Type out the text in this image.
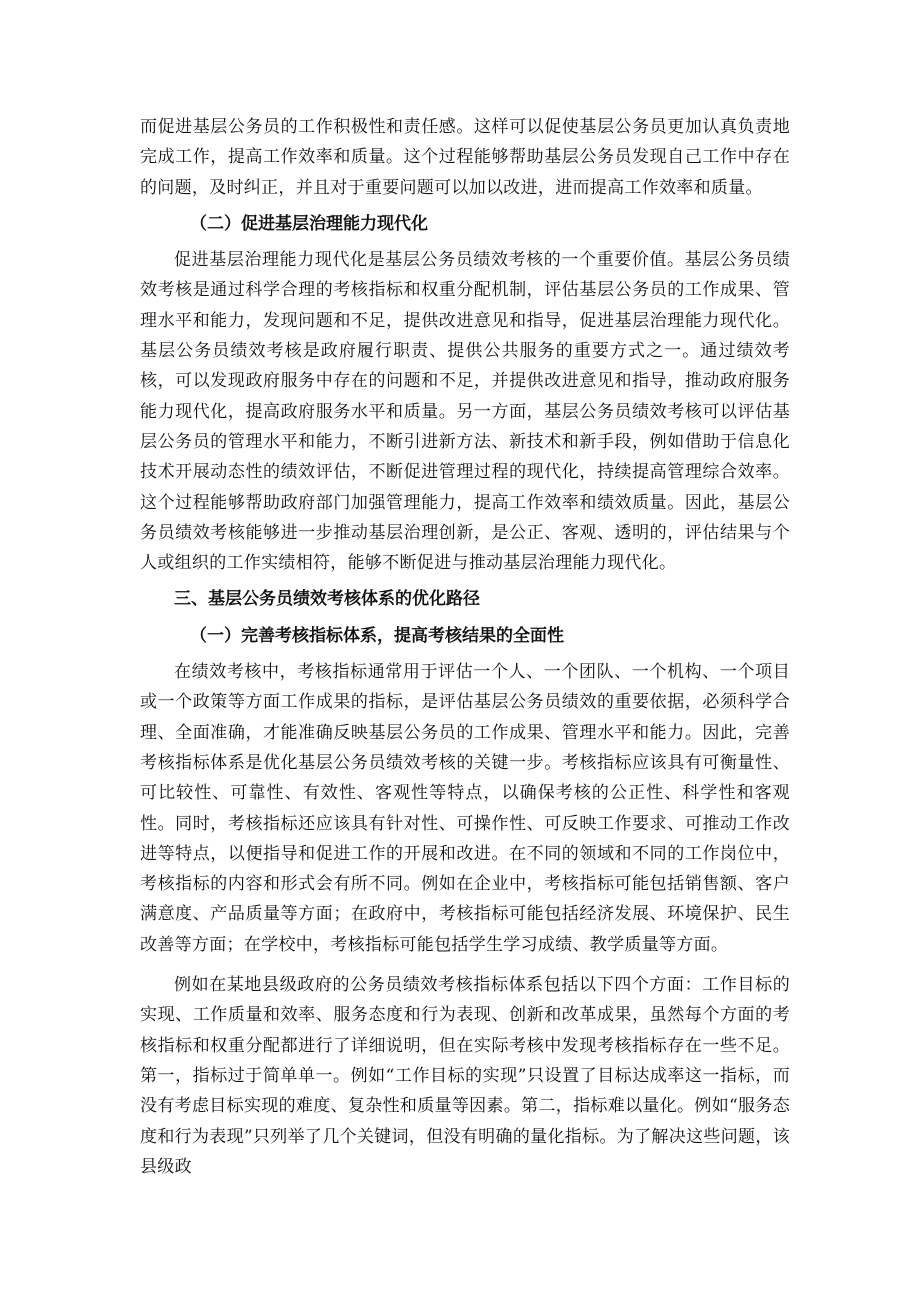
而促进基层公务员的工作积极性和责任感。这样可以促使基层公务员更加认真负责地完成工作，提高工作效率和质量。这个过程能够帮助基层公务员发现自己工作中存在的问题，及时纠正，并且对于重要问题可以加以改进，进而提高工作效率和质量。

（二）促进基层治理能力现代化

促进基层治理能力现代化是基层公务员绩效考核的一个重要价值。基层公务员绩效考核是通过科学合理的考核指标和权重分配机制，评估基层公务员的工作成果、管理水平和能力，发现问题和不足，提供改进意见和指导，促进基层治理能力现代化。基层公务员绩效考核是政府履行职责、提供公共服务的重要方式之一。通过绩效考核，可以发现政府服务中存在的问题和不足，并提供改进意见和指导，推动政府服务能力现代化，提高政府服务水平和质量。另一方面，基层公务员绩效考核可以评估基层公务员的管理水平和能力，不断引进新方法、新技术和新手段，例如借助于信息化技术开展动态性的绩效评估，不断促进管理过程的现代化，持续提高管理综合效率。这个过程能够帮助政府部门加强管理能力，提高工作效率和绩效质量。因此，基层公务员绩效考核能够进一步推动基层治理创新，是公正、客观、透明的，评估结果与个人或组织的工作实绩相符，能够不断促进与推动基层治理能力现代化。

三、基层公务员绩效考核体系的优化路径
（一）完善考核指标体系，提高考核结果的全面性

在绩效考核中，考核指标通常用于评估一个人、一个团队、一个机构、一个项目或一个政策等方面工作成果的指标，是评估基层公务员绩效的重要依据，必须科学合理、全面准确，才能准确反映基层公务员的工作成果、管理水平和能力。因此，完善考核指标体系是优化基层公务员绩效考核的关键一步。考核指标应该具有可衡量性、可比较性、可靠性、有效性、客观性等特点，以确保考核的公正性、科学性和客观性。同时，考核指标还应该具有针对性、可操作性、可反映工作要求、可推动工作改进等特点，以便指导和促进工作的开展和改进。在不同的领域和不同的工作岗位中，考核指标的内容和形式会有所不同。例如在企业中，考核指标可能包括销售额、客户满意度、产品质量等方面；在政府中，考核指标可能包括经济发展、环境保护、民生改善等方面；在学校中，考核指标可能包括学生学习成绩、教学质量等方面。

例如在某地县级政府的公务员绩效考核指标体系包括以下四个方面：工作目标的实现、工作质量和效率、服务态度和行为表现、创新和改革成果，虽然每个方面的考核指标和权重分配都进行了详细说明，但在实际考核中发现考核指标存在一些不足。第一，指标过于简单单一。例如“工作目标的实现”只设置了目标达成率这一指标，而没有考虑目标实现的难度、复杂性和质量等因素。第二，指标难以量化。例如“服务态度和行为表现”只列举了几个关键词，但没有明确的量化指标。为了解决这些问题，该县级政
